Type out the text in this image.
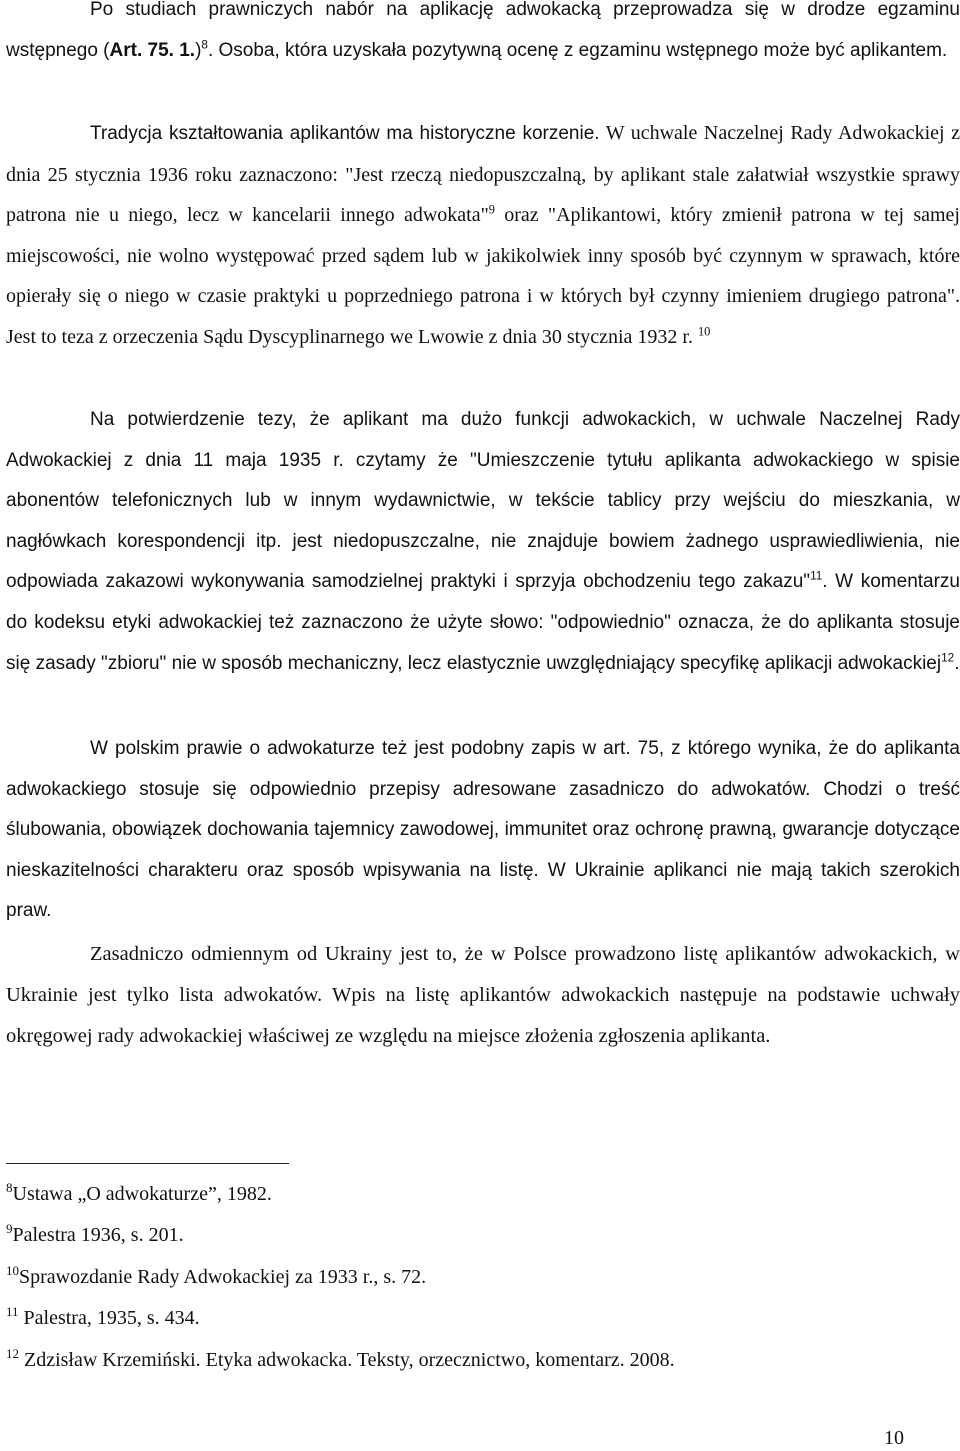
Po studiach prawniczych nabór na aplikację adwokacką przeprowadza się w drodze egzaminu wstępnego (Art. 75. 1.)$^8$. Osoba, która uzyskała pozytywną ocenę z egzaminu wstępnego może być aplikantem.

Tradycja kształtowania aplikantów ma historyczne korzenie. W uchwale Naczelnej Rady Adwokackiej z dnia 25 stycznia 1936 roku zaznaczono: "Jest rzeczą niedopuszczalną, by aplikant stale załatwiał wszystkie sprawy patrona nie u niego, lecz w kancelarii innego adwokata"$^9$ oraz "Aplikantowi, który zmienił patrona w tej samej miejscowości, nie wolno występować przed sądem lub w jakikolwiek inny sposób być czynnym w sprawach, które opierały się o niego w czasie praktyki u poprzedniego patrona i w których był czynny imieniem drugiego patrona". Jest to teza z orzeczenia Sądu Dyscyplinarnego we Lwowie z dnia 30 stycznia 1932 r. $^{10}$

Na potwierdzenie tezy, że aplikant ma dużo funkcji adwokackich, w uchwale Naczelnej Rady Adwokackiej z dnia 11 maja 1935 r. czytamy że "Umieszczenie tytułu aplikanta adwokackiego w spisie abonentów telefonicznych lub w innym wydawnictwie, w tekście tablicy przy wejściu do mieszkania, w nagłówkach korespondencji itp. jest niedopuszczalne, nie znajduje bowiem żadnego usprawiedliwienia, nie odpowiada zakazowi wykonywania samodzielnej praktyki i sprzyja obchodzeniu tego zakazu"$^{11}$. W komentarzu do kodeksu etyki adwokackiej też zaznaczono że użyte słowo: "odpowiednio" oznacza, że do aplikanta stosuje się zasady "zbioru" nie w sposób mechaniczny, lecz elastycznie uwzględniający specyfikę aplikacji adwokackiej$^{12}$.

W polskim prawie o adwokaturze też jest podobny zapis w art. 75, z którego wynika, że do aplikanta adwokackiego stosuje się odpowiednio przepisy adresowane zasadniczo do adwokatów. Chodzi o treść ślubowania, obowiązek dochowania tajemnicy zawodowej, immunitet oraz ochronę prawną, gwarancje dotyczące nieskazitelności charakteru oraz sposób wpisywania na listę. W Ukrainie aplikanci nie mają takich szerokich praw.

Zasadniczo odmiennym od Ukrainy jest to, że w Polsce prowadzono listę aplikantów adwokackich, w Ukrainie jest tylko lista adwokatów. Wpis na listę aplikantów adwokackich następuje na podstawie uchwały okręgowej rady adwokackiej właściwej ze względu na miejsce złożenia zgłoszenia aplikanta.

$^8$Ustawa „O adwokaturze”, 1982.

$^9$Palestra 1936, s. 201.

$^{10}$Sprawozdanie Rady Adwokackiej za 1933 r., s. 72.

$^{11}$ Palestra, 1935, s. 434.

$^{12}$ Zdzisław Krzemiński. Etyka adwokacka. Teksty, orzecznictwo, komentarz. 2008.

10
